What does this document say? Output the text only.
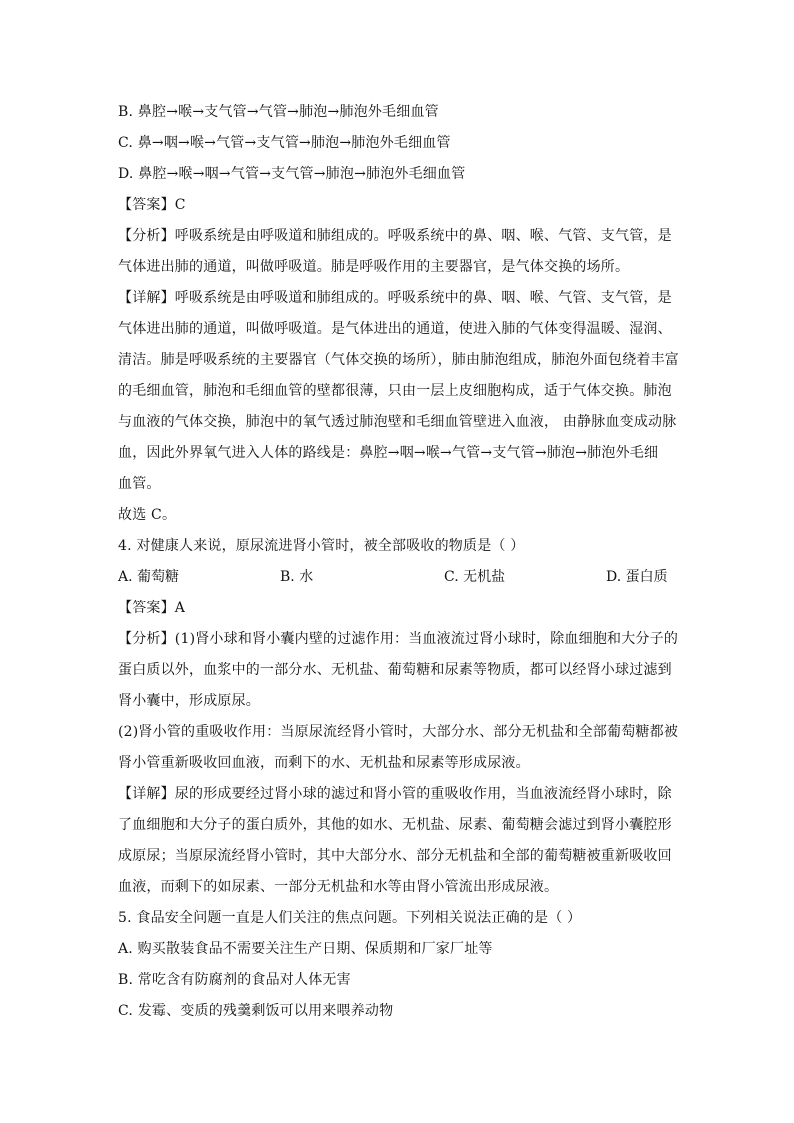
B. 鼻腔→喉→支气管→气管→肺泡→肺泡外毛细血管
C. 鼻→咽→喉→气管→支气管→肺泡→肺泡外毛细血管
D. 鼻腔→喉→咽→气管→支气管→肺泡→肺泡外毛细血管
【答案】C
【分析】呼吸系统是由呼吸道和肺组成的。呼吸系统中的鼻、咽、喉、气管、支气管，是
气体进出肺的通道，叫做呼吸道。肺是呼吸作用的主要器官，是气体交换的场所。
【详解】呼吸系统是由呼吸道和肺组成的。呼吸系统中的鼻、咽、喉、气管、支气管，是
气体进出肺的通道，叫做呼吸道。是气体进出的通道，使进入肺的气体变得温暖、湿润、
清洁。肺是呼吸系统的主要器官（气体交换的场所），肺由肺泡组成，肺泡外面包绕着丰富
的毛细血管，肺泡和毛细血管的壁都很薄，只由一层上皮细胞构成，适于气体交换。肺泡
与血液的气体交换，肺泡中的氧气透过肺泡壁和毛细血管壁进入血液， 由静脉血变成动脉
血，因此外界氧气进入人体的路线是：鼻腔→咽→喉→气管→支气管→肺泡→肺泡外毛细
血管。
故选 C。
4. 对健康人来说，原尿流进肾小管时，被全部吸收的物质是（ ）
A. 葡萄糖	B. 水	C. 无机盐	D. 蛋白质
【答案】A
【分析】(1)肾小球和肾小囊内壁的过滤作用：当血液流过肾小球时，除血细胞和大分子的
蛋白质以外，血浆中的一部分水、无机盐、葡萄糖和尿素等物质，都可以经肾小球过滤到
肾小囊中，形成原尿。
(2)肾小管的重吸收作用：当原尿流经肾小管时，大部分水、部分无机盐和全部葡萄糖都被
肾小管重新吸收回血液，而剩下的水、无机盐和尿素等形成尿液。
【详解】尿的形成要经过肾小球的滤过和肾小管的重吸收作用，当血液流经肾小球时，除
了血细胞和大分子的蛋白质外，其他的如水、无机盐、尿素、葡萄糖会滤过到肾小囊腔形
成原尿；当原尿流经肾小管时，其中大部分水、部分无机盐和全部的葡萄糖被重新吸收回
血液，而剩下的如尿素、一部分无机盐和水等由肾小管流出形成尿液。
5. 食品安全问题一直是人们关注的焦点问题。下列相关说法正确的是（ ）
A. 购买散装食品不需要关注生产日期、保质期和厂家厂址等
B. 常吃含有防腐剂的食品对人体无害
C. 发霉、变质的残羹剩饭可以用来喂养动物
